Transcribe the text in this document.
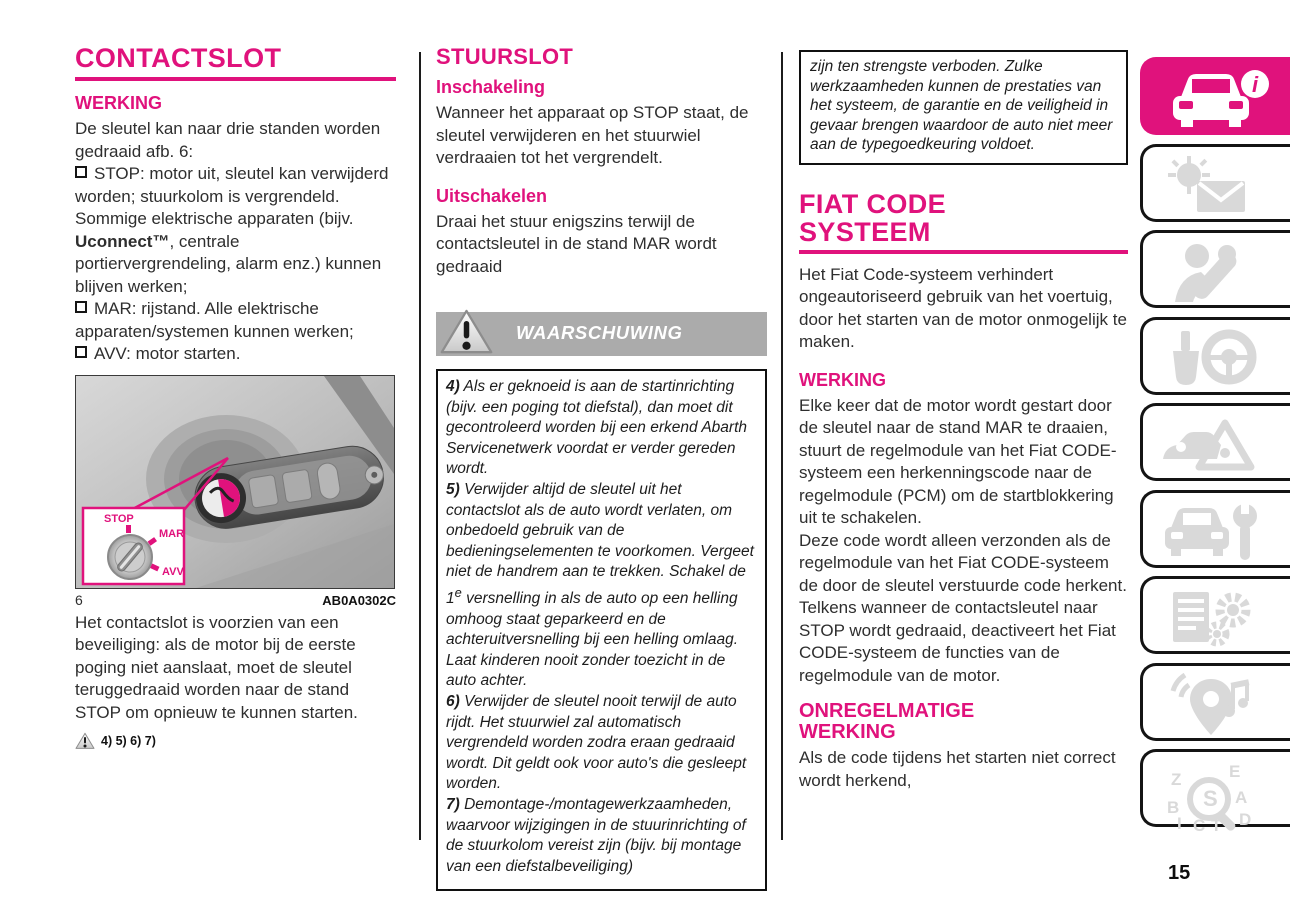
CONTACTSLOT
WERKING

De sleutel kan naar drie standen worden gedraaid afb. 6:

STOP: motor uit, sleutel kan verwijderd worden; stuurkolom is vergrendeld. Sommige elektrische apparaten (bijv. Uconnect™, centrale portiervergrendeling, alarm enz.) kunnen blijven werken;

MAR: rijstand. Alle elektrische apparaten/systemen kunnen werken;

AVV: motor starten.

STOP
MAR
AVV
6	AB0A0302C

Het contactslot is voorzien van een beveiliging: als de motor bij de eerste poging niet aanslaat, moet de sleutel teruggedraaid worden naar de stand STOP om opnieuw te kunnen starten.

4) 5) 6) 7)
STUURSLOT
Inschakeling

Wanneer het apparaat op STOP staat, de sleutel verwijderen en het stuurwiel verdraaien tot het vergrendelt.

Uitschakelen

Draai het stuur enigszins terwijl de contactsleutel in de stand MAR wordt gedraaid

WAARSCHUWING

4) Als er geknoeid is aan de startinrichting (bijv. een poging tot diefstal), dan moet dit gecontroleerd worden bij een erkend Abarth Servicenetwerk voordat er verder gereden wordt.

5) Verwijder altijd de sleutel uit het contactslot als de auto wordt verlaten, om onbedoeld gebruik van de bedieningselementen te voorkomen. Vergeet niet de handrem aan te trekken. Schakel de 1e versnelling in als de auto op een helling omhoog staat geparkeerd en de achteruitversnelling bij een helling omlaag. Laat kinderen nooit zonder toezicht in de auto achter.

6) Verwijder de sleutel nooit terwijl de auto rijdt. Het stuurwiel zal automatisch vergrendeld worden zodra eraan gedraaid wordt. Dit geldt ook voor auto's die gesleept worden.

7) Demontage-/montagewerkzaamheden, waarvoor wijzigingen in de stuurinrichting of de stuurkolom vereist zijn (bijv. bij montage van een diefstalbeveiliging)

zijn ten strengste verboden. Zulke werkzaamheden kunnen de prestaties van het systeem, de garantie en de veiligheid in gevaar brengen waardoor de auto niet meer aan de typegoedkeuring voldoet.

FIAT CODE SYSTEEM

Het Fiat Code-systeem verhindert ongeautoriseerd gebruik van het voertuig, door het starten van de motor onmogelijk te maken.

WERKING

Elke keer dat de motor wordt gestart door de sleutel naar de stand MAR te draaien, stuurt de regelmodule van het Fiat CODE-systeem een herkenningscode naar de regelmodule (PCM) om de startblokkering uit te schakelen.

Deze code wordt alleen verzonden als de regelmodule van het Fiat CODE-systeem de door de sleutel verstuurde code herkent.

Telkens wanneer de contactsleutel naar STOP wordt gedraaid, deactiveert het Fiat CODE-systeem de functies van de regelmodule van de motor.

ONREGELMATIGE WERKING

Als de code tijdens het starten niet correct wordt herkend,

i
Z	E
B
A
D
I C T
S
15
